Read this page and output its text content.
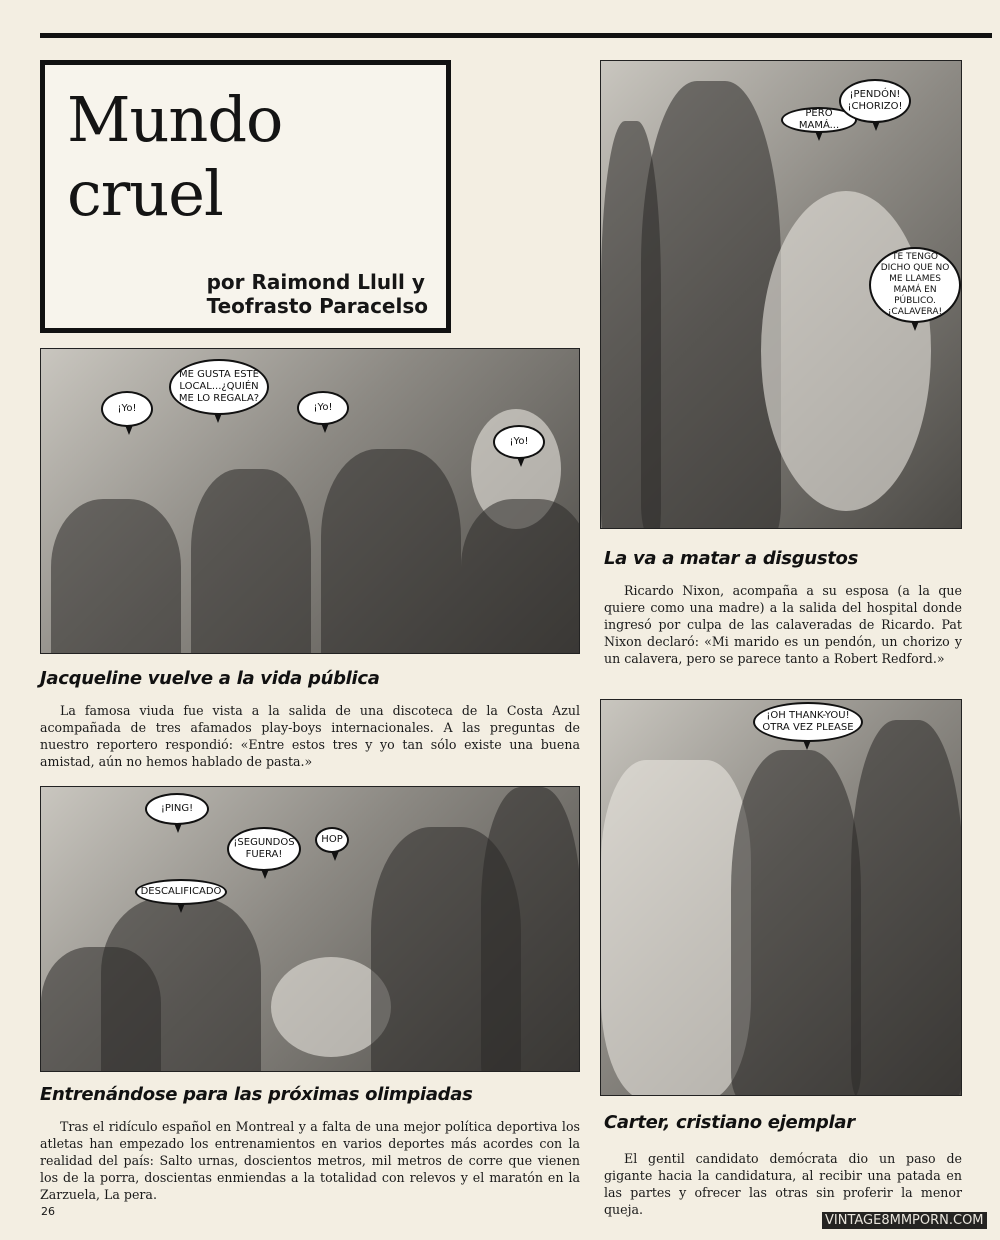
Mundo
cruel
por Raimond Llull y
Teofrasto Paracelso
¡Yo!
ME GUSTA ESTE LOCAL...¿QUIÉN ME LO REGALA?
¡Yo!
¡Yo!
Jacqueline vuelve a la vida pública
La famosa viuda fue vista a la salida de una discoteca de la Costa Azul acompañada de tres afamados play-boys internacionales. A las preguntas de nuestro reportero respondió: «Entre estos tres y yo tan sólo existe una buena amistad, aún no hemos hablado de pasta.»
PERO MAMÁ...
¡PENDÓN! ¡CHORIZO!
TE TENGO DICHO QUE NO ME LLAMES MAMÁ EN PÚBLICO. ¡CALAVERA!
La va a matar a disgustos
Ricardo Nixon, acompaña a su esposa (a la que quiere como una madre) a la salida del hospital donde ingresó por culpa de las calaveradas de Ricardo. Pat Nixon declaró: «Mi marido es un pendón, un chorizo y un calavera, pero se parece tanto a Robert Redford.»
¡PING!
¡SEGUNDOS FUERA!
HOP
DESCALIFICADO
Entrenándose para las próximas olimpiadas
Tras el ridículo español en Montreal y a falta de una mejor política deportiva los atletas han empezado los entrenamientos en varios deportes más acordes con la realidad del país: Salto urnas, doscientos metros, mil metros de corre que vienen los de la porra, doscientas enmiendas a la totalidad con relevos y el maratón en la Zarzuela, La pera.
¡OH THANK-YOU! OTRA VEZ PLEASE
Carter, cristiano ejemplar
El gentil candidato demócrata dio un paso de gigante hacia la candidatura, al recibir una patada en las partes y ofrecer las otras sin proferir la menor queja.
26
VINTAGE8MMPORN.COM
